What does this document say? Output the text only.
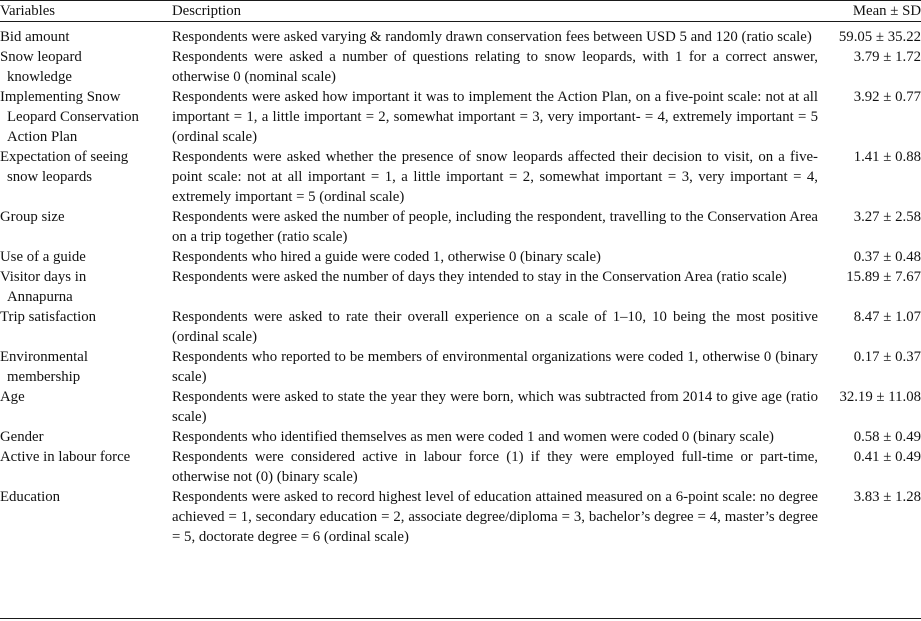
Variables	Description	Mean ± SD

Bid amount	Respondents were asked varying & randomly drawn conservation fees between USD 5 and 120 (ratio scale)	59.05 ± 35.22

Snow leopard
knowledge	Respondents were asked a number of questions relating to snow leopards, with 1 for a correct answer, otherwise 0 (nominal scale)	3.79 ± 1.72

Implementing Snow
Leopard Conservation
Action Plan
	Respondents were asked how important it was to implement the Action Plan, on a five-point scale: not at all important = 1, a little important = 2, somewhat important = 3, very important- = 4, extremely important = 5 (ordinal scale)	3.92 ± 0.77

Expectation of seeing
snow leopards	Respondents were asked whether the presence of snow leopards affected their decision to visit, on a five-point scale: not at all important = 1, a little important = 2, somewhat important = 3, very important = 4, extremely important = 5 (ordinal scale)	1.41 ± 0.88

Group size	Respondents were asked the number of people, including the respondent, travelling to the Conservation Area on a trip together (ratio scale)	3.27 ± 2.58

Use of a guide	Respondents who hired a guide were coded 1, otherwise 0 (binary scale)	0.37 ± 0.48

Visitor days in
Annapurna	Respondents were asked the number of days they intended to stay in the Conservation Area (ratio scale)	15.89 ± 7.67

Trip satisfaction	Respondents were asked to rate their overall experience on a scale of 1–10, 10 being the most positive (ordinal scale)	8.47 ± 1.07

Environmental
membership	Respondents who reported to be members of environmental organizations were coded 1, otherwise 0 (binary scale)	0.17 ± 0.37

Age	Respondents were asked to state the year they were born, which was subtracted from 2014 to give age (ratio scale)	32.19 ± 11.08

Gender	Respondents who identified themselves as men were coded 1 and women were coded 0 (binary scale)	0.58 ± 0.49

Active in labour force	Respondents were considered active in labour force (1) if they were employed full-time or part-time, otherwise not (0) (binary scale)	0.41 ± 0.49

Education	Respondents were asked to record highest level of education attained measured on a 6-point scale: no degree achieved = 1, secondary education = 2, associate degree/diploma = 3, bachelor’s degree = 4, master’s degree = 5, doctorate degree = 6 (ordinal scale)	3.83 ± 1.28
